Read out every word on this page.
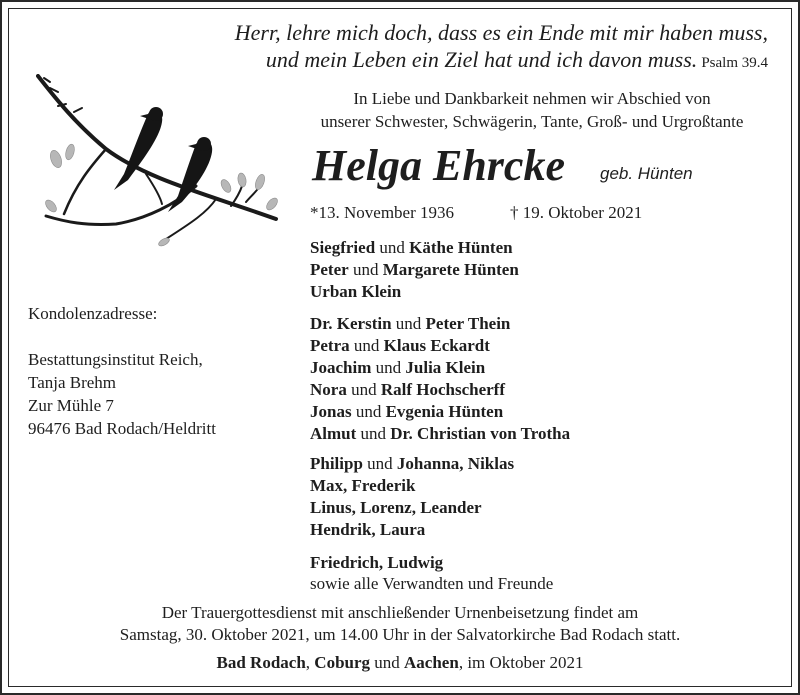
Herr, lehre mich doch, dass es ein Ende mit mir haben muss,
und mein Leben ein Ziel hat und ich davon muss. Psalm 39.4
In Liebe und Dankbarkeit nehmen wir Abschied von
unserer Schwester, Schwägerin, Tante, Groß- und Urgroßtante
Helga Ehrcke geb. Hünten
*13. November 1936	† 19. Oktober 2021
Siegfried und Käthe Hünten
Peter und Margarete Hünten
Urban Klein
Dr. Kerstin und Peter Thein
Petra und Klaus Eckardt
Joachim und Julia Klein
Nora und Ralf Hochscherff
Jonas und Evgenia Hünten
Almut und Dr. Christian von Trotha
Philipp und Johanna, Niklas
Max, Frederik
Linus, Lorenz, Leander
Hendrik, Laura
Friedrich, Ludwig
sowie alle Verwandten und Freunde
Kondolenzadresse:
Bestattungsinstitut Reich,
Tanja Brehm
Zur Mühle 7
96476 Bad Rodach/Heldritt
Der Trauergottesdienst mit anschließender Urnenbeisetzung findet am
Samstag, 30. Oktober 2021, um 14.00 Uhr in der Salvatorkirche Bad Rodach statt.
Bad Rodach, Coburg und Aachen, im Oktober 2021
